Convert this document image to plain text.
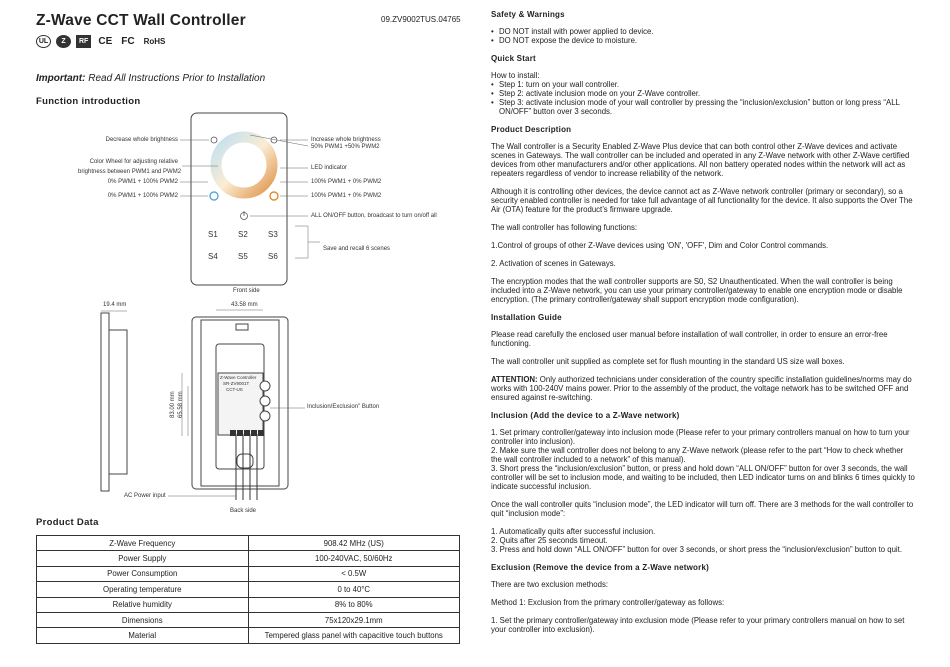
Z-Wave CCT Wall Controller	09.ZV9002TUS.04765
UL	Z	RF	CE FC RoHS
Important: Read All Instructions Prior to Installation
Function introduction
Decrease whole brightness
Color Wheel for adjusting relative
brightness between PWM1 and PWM2
0% PWM1 + 100% PWM2
0% PWM1 + 100% PWM2
Increase whole brightness
50% PWM1 +50% PWM2
LED indicator
100% PWM1 + 0% PWM2
100% PWM1 + 0% PWM2
ALL ON/OFF button, broadcast to turn on/off all
Save and recall 6 scenes
Front side
S1	S2	S3
S4	S5	S6
19.4 mm	43.58 mm
83.00 mm 65.58 mm
Z-Wave Controller
SR-ZV9001T
CCT-US
Inclusion/Exclusion" Button
AC Power input
Back side
Product Data
Z-Wave Frequency	908.42 MHz (US)
Power Supply	100-240VAC, 50/60Hz
Power Consumption	< 0.5W
Operating temperature	0 to 40°C
Relative humidity	8% to 80%
Dimensions	75x120x29.1mm
Material	Tempered glass panel with capacitive touch buttons
Safety & Warnings
• DO NOT install with power applied to device.
• DO NOT expose the device to moisture.
Quick Start
How to install:
• Step 1: turn on your wall controller.
• Step 2: activate inclusion mode on your Z-Wave controller.
• Step 3: activate inclusion mode of your wall controller by pressing the “inclusion/exclusion” button or long press “ALL ON/OFF” button over 3 seconds.
Product Description

The Wall controller is a Security Enabled Z-Wave Plus device that can both control other Z-Wave devices and activate scenes in Gateways. The wall controller can be included and operated in any Z-Wave network with other Z-Wave certified devices from other manufacturers and/or other applications. All non battery operated nodes within the network will act as repeaters regardless of vendor to increase reliability of the network.

Although it is controlling other devices, the device cannot act as Z-Wave network controller (primary or secondary), so a security enabled controller is needed for take full advantage of all functionality for the device. It also supports the Over The Air (OTA) feature for the product’s firmware upgrade.

The wall controller has following functions:

1.Control of groups of other Z-Wave devices using 'ON', 'OFF', Dim and Color Control commands.

2. Activation of scenes in Gateways.

The encryption modes that the wall controller supports are S0, S2 Unauthenticated. When the wall controller is being included into a Z-Wave network, you can use your primary controller/gateway to enable one encryption mode or disable encryption. (The primary controller/gateway shall support encryption mode configuration).

Installation Guide

Please read carefully the enclosed user manual before installation of wall controller, in order to ensure an error-free functioning.

The wall controller unit supplied as complete set for flush mounting in the standard US size wall boxes.

ATTENTION: Only authorized technicians under consideration of the country specific installation guidelines/norms may do works with 100-240V mains power. Prior to the assembly of the product, the voltage network has to be switched OFF and ensured against re-switching.

Inclusion (Add the device to a Z-Wave network)
1. Set primary controller/gateway into inclusion mode (Please refer to your primary controllers manual on how to turn your controller into inclusion).
2. Make sure the wall controller does not belong to any Z-Wave network (please refer to the part “How to check whether the wall controller included to a network” of this manual).

3. Short press the “inclusion/exclusion” button, or press and hold down “ALL ON/OFF” button for over 3 seconds, the wall controller will be set to inclusion mode, and waiting to be included, then LED indicator turns on and blinks 6 times quickly to indicate successful inclusion.

Once the wall controller quits “inclusion mode”, the LED indicator will turn off. There are 3 methods for the wall controller to quit “inclusion mode”:

1. Automatically quits after successful inclusion.
2. Quits after 25 seconds timeout.

3. Press and hold down “ALL ON/OFF” button for over 3 seconds, or short press the “inclusion/exclusion” button to quit.

Exclusion (Remove the device from a Z-Wave network)

There are two exclusion methods:

Method 1: Exclusion from the primary controller/gateway as follows:

1. Set the primary controller/gateway into exclusion mode (Please refer to your primary controllers manual on how to set your controller into exclusion).
